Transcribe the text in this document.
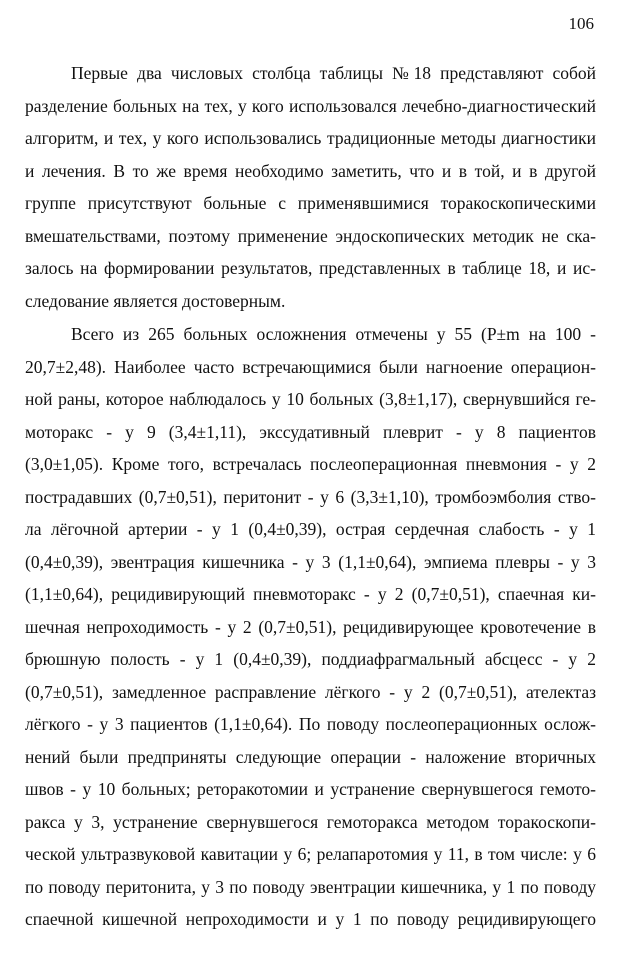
106
Первые два числовых столбца таблицы №18 представляют собой
разделение больных на тех, у кого использовался лечебно-диагностический
алгоритм, и тех, у кого использовались традиционные методы диагностики
и лечения. В то же время необходимо заметить, что и в той, и в другой
группе присутствуют больные с применявшимися торакоскопическими
вмешательствами, поэтому применение эндоскопических методик не ска-
залось на формировании результатов, представленных в таблице 18, и ис-
следование является достоверным.
Всего из 265 больных осложнения отмечены у 55 (Р±m на 100 -
20,7±2,48). Наиболее часто встречающимися были нагноение операцион-
ной раны, которое наблюдалось у 10 больных (3,8±1,17), свернувшийся ге-
моторакс - у 9 (3,4±1,11), экссудативный плеврит - у 8 пациентов
(3,0±1,05). Кроме того, встречалась послеоперационная пневмония - у 2
пострадавших (0,7±0,51), перитонит - у 6 (3,3±1,10), тромбоэмболия ство-
ла лёгочной артерии - у 1 (0,4±0,39), острая сердечная слабость - у 1
(0,4±0,39), эвентрация кишечника - у 3 (1,1±0,64), эмпиема плевры - у 3
(1,1±0,64), рецидивирующий пневмоторакс - у 2 (0,7±0,51), спаечная ки-
шечная непроходимость - у 2 (0,7±0,51), рецидивирующее кровотечение в
брюшную полость - у 1 (0,4±0,39), поддиафрагмальный абсцесс - у 2
(0,7±0,51), замедленное расправление лёгкого - у 2 (0,7±0,51), ателектаз
лёгкого - у 3 пациентов (1,1±0,64). По поводу послеоперационных ослож-
нений были предприняты следующие операции - наложение вторичных
швов - у 10 больных; реторакотомии и устранение свернувшегося гемото-
ракса у 3, устранение свернувшегося гемоторакса методом торакоскопи-
ческой ультразвуковой кавитации у 6; релапаротомия у 11, в том числе: у 6
по поводу перитонита, у 3 по поводу эвентрации кишечника, у 1 по поводу
спаечной кишечной непроходимости и у 1 по поводу рецидивирующего
